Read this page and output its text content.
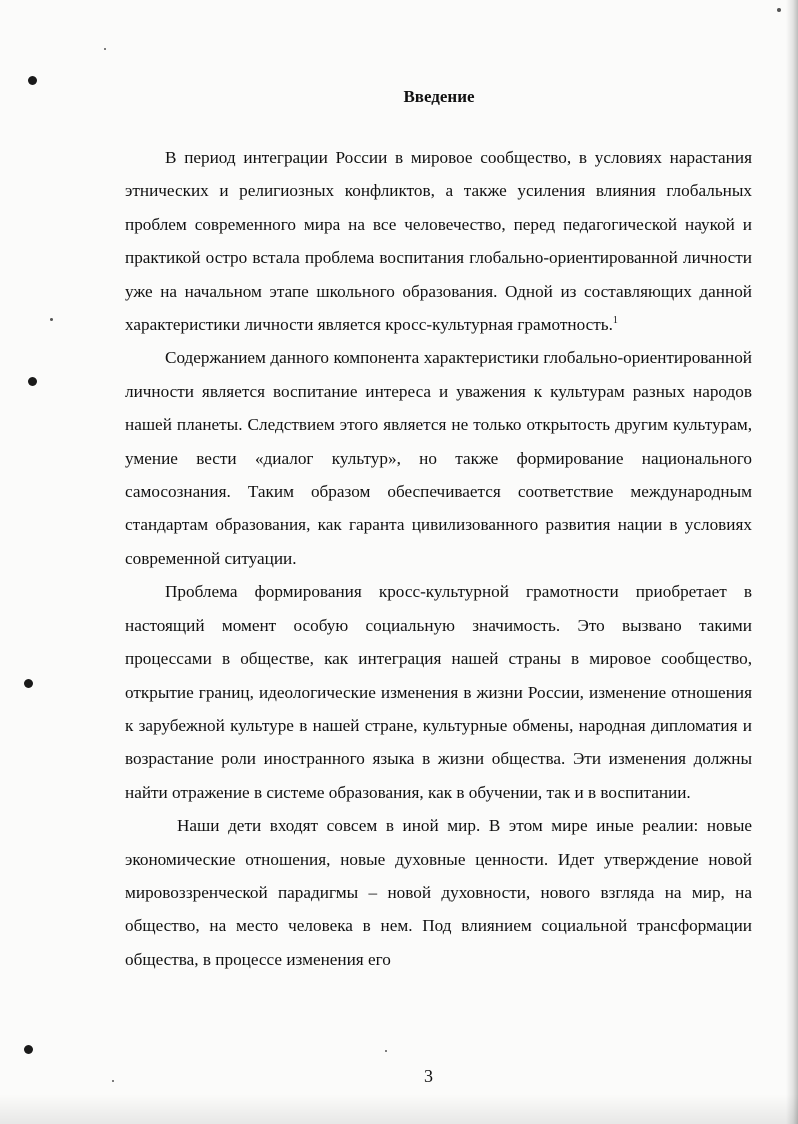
Введение

В период интеграции России в мировое сообщество, в условиях нарастания этнических и религиозных конфликтов, а также усиления влияния глобальных проблем современного мира на все человечество, перед педагогической наукой и практикой остро встала проблема воспитания глобально-ориентированной личности уже на начальном этапе школьного образования. Одной из составляющих данной характеристики личности является кросс-культурная грамотность.$^1$

Содержанием данного компонента характеристики глобально-ориентированной личности является воспитание интереса и уважения к культурам разных народов нашей планеты. Следствием этого является не только открытость другим культурам, умение вести «диалог культур», но также формирование национального самосознания. Таким образом обеспечивается соответствие международным стандартам образования, как гаранта цивилизованного развития нации в условиях современной ситуации.

Проблема формирования кросс-культурной грамотности приобретает в настоящий момент особую социальную значимость. Это вызвано такими процессами в обществе, как интеграция нашей страны в мировое сообщество, открытие границ, идеологические изменения в жизни России, изменение отношения к зарубежной культуре в нашей стране, культурные обмены, народная дипломатия и возрастание роли иностранного языка в жизни общества. Эти изменения должны найти отражение в системе образования, как в обучении, так и в воспитании.

Наши дети входят совсем в иной мир. В этом мире иные реалии: новые экономические отношения, новые духовные ценности. Идет утверждение новой мировоззренческой парадигмы – новой духовности, нового взгляда на мир, на общество, на место человека в нем. Под влиянием социальной трансформации общества, в процессе изменения его

3
